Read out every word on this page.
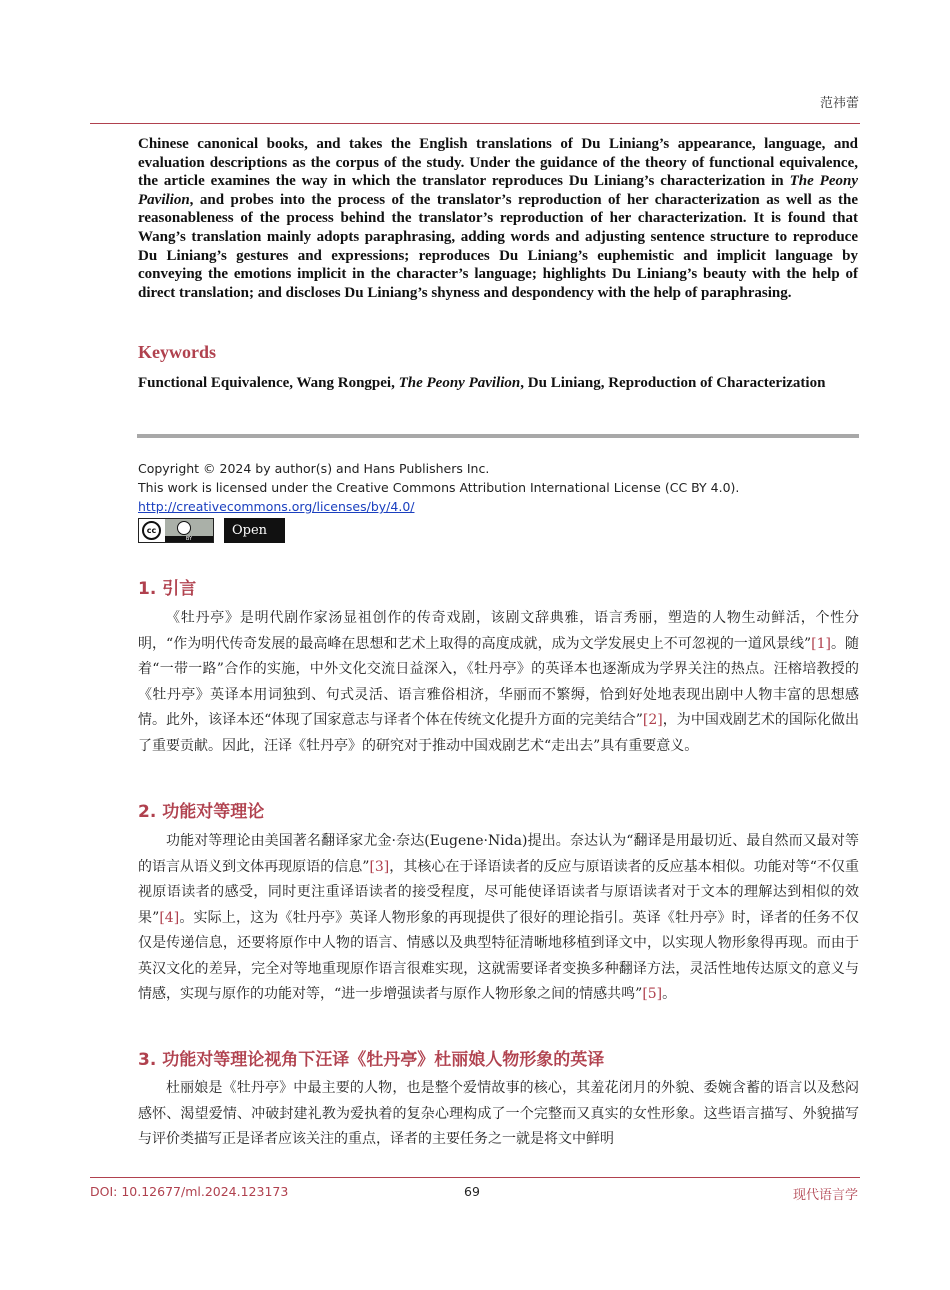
范祎蕾
Chinese canonical books, and takes the English translations of Du Liniang’s appearance, language, and evaluation descriptions as the corpus of the study. Under the guidance of the theory of functional equivalence, the article examines the way in which the translator reproduces Du Liniang’s characterization in The Peony Pavilion, and probes into the process of the translator’s reproduction of her characterization as well as the reasonableness of the process behind the translator’s reproduction of her characterization. It is found that Wang’s translation mainly adopts paraphrasing, adding words and adjusting sentence structure to reproduce Du Liniang’s gestures and expressions; reproduces Du Liniang’s euphemistic and implicit language by conveying the emotions implicit in the character’s language; highlights Du Liniang’s beauty with the help of direct translation; and discloses Du Liniang’s shyness and despondency with the help of paraphrasing.
Keywords
Functional Equivalence, Wang Rongpei, The Peony Pavilion, Du Liniang, Reproduction of Characterization
Copyright © 2024 by author(s) and Hans Publishers Inc.
This work is licensed under the Creative Commons Attribution International License (CC BY 4.0).
http://creativecommons.org/licenses/by/4.0/
cc
BY
Open Access
1. 引言
《牡丹亭》是明代剧作家汤显祖创作的传奇戏剧，该剧文辞典雅，语言秀丽，塑造的人物生动鲜活，个性分明，“作为明代传奇发展的最高峰在思想和艺术上取得的高度成就，成为文学发展史上不可忽视的一道风景线”[1]。随着“一带一路”合作的实施，中外文化交流日益深入，《牡丹亭》的英译本也逐渐成为学界关注的热点。汪榕培教授的《牡丹亭》英译本用词独到、句式灵活、语言雅俗相济，华丽而不繁缛，恰到好处地表现出剧中人物丰富的思想感情。此外，该译本还“体现了国家意志与译者个体在传统文化提升方面的完美结合”[2]，为中国戏剧艺术的国际化做出了重要贡献。因此，汪译《牡丹亭》的研究对于推动中国戏剧艺术“走出去”具有重要意义。
2. 功能对等理论
功能对等理论由美国著名翻译家尤金·奈达(Eugene·Nida)提出。奈达认为“翻译是用最切近、最自然而又最对等的语言从语义到文体再现原语的信息”[3]，其核心在于译语读者的反应与原语读者的反应基本相似。功能对等“不仅重视原语读者的感受，同时更注重译语读者的接受程度，尽可能使译语读者与原语读者对于文本的理解达到相似的效果”[4]。实际上，这为《牡丹亭》英译人物形象的再现提供了很好的理论指引。英译《牡丹亭》时，译者的任务不仅仅是传递信息，还要将原作中人物的语言、情感以及典型特征清晰地移植到译文中，以实现人物形象得再现。而由于英汉文化的差异，完全对等地重现原作语言很难实现，这就需要译者变换多种翻译方法，灵活性地传达原文的意义与情感，实现与原作的功能对等，“进一步增强读者与原作人物形象之间的情感共鸣”[5]。
3. 功能对等理论视角下汪译《牡丹亭》杜丽娘人物形象的英译
杜丽娘是《牡丹亭》中最主要的人物，也是整个爱情故事的核心，其羞花闭月的外貌、委婉含蓄的语言以及愁闷感怀、渴望爱情、冲破封建礼教为爱执着的复杂心理构成了一个完整而又真实的女性形象。这些语言描写、外貌描写与评价类描写正是译者应该关注的重点，译者的主要任务之一就是将文中鲜明
DOI: 10.12677/ml.2024.123173	69	现代语言学
